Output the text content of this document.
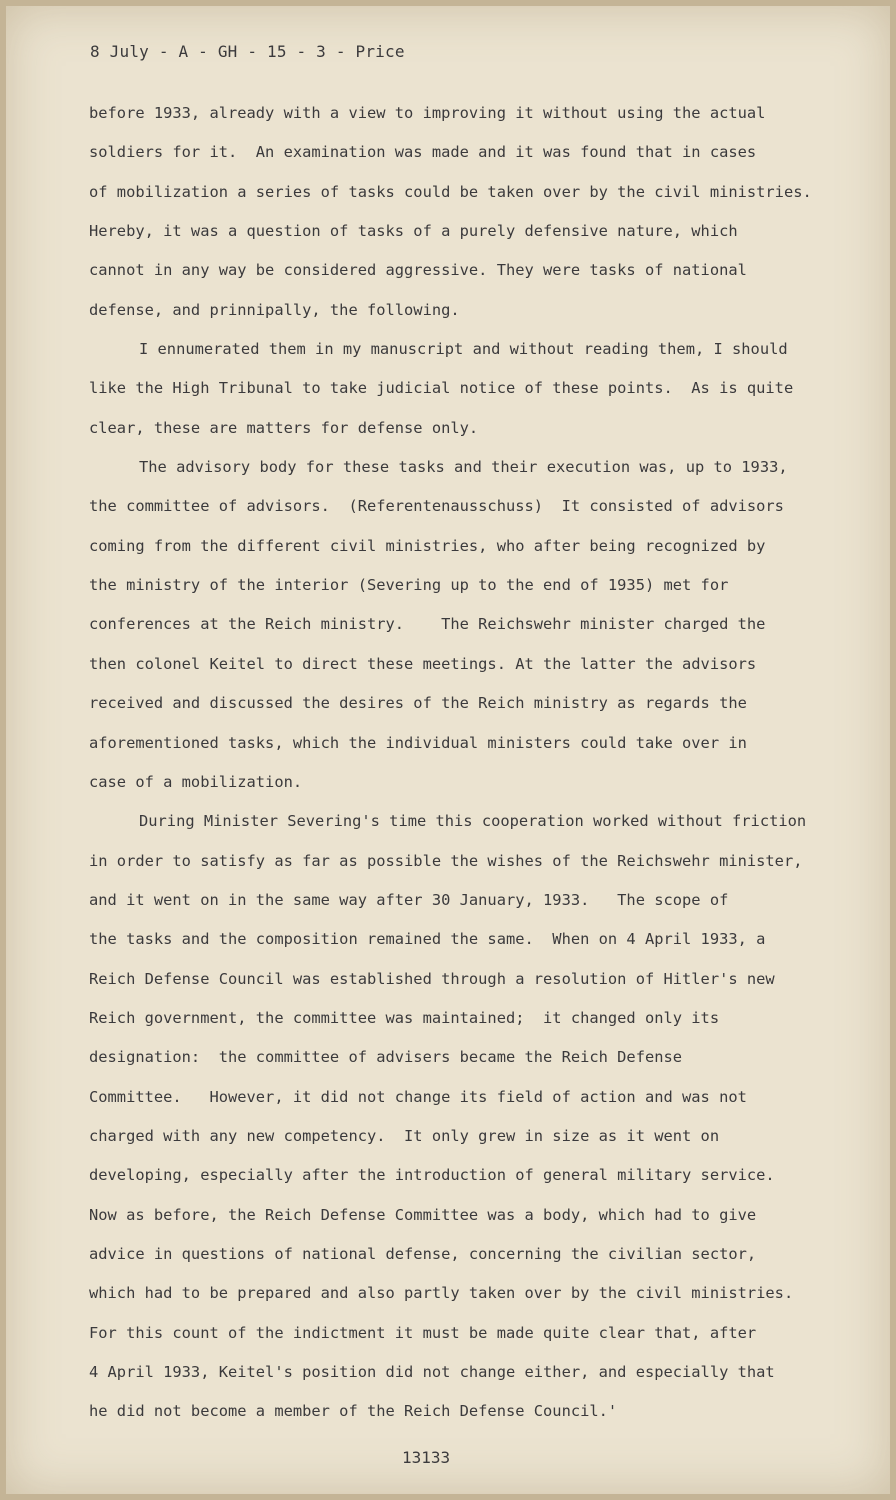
8 July - A - GH - 15 - 3 - Price
before 1933, already with a view to improving it without using the actual
soldiers for it.  An examination was made and it was found that in cases
of mobilization a series of tasks could be taken over by the civil ministries.
Hereby, it was a question of tasks of a purely defensive nature, which
cannot in any way be considered aggressive. They were tasks of national
defense, and prinnipally, the following.
I ennumerated them in my manuscript and without reading them, I should
like the High Tribunal to take judicial notice of these points.  As is quite
clear, these are matters for defense only.
The advisory body for these tasks and their execution was, up to 1933,
the committee of advisors.  (Referentenausschuss)  It consisted of advisors
coming from the different civil ministries, who after being recognized by
the ministry of the interior (Severing up to the end of 1935) met for
conferences at the Reich ministry.    The Reichswehr minister charged the
then colonel Keitel to direct these meetings. At the latter the advisors
received and discussed the desires of the Reich ministry as regards the
aforementioned tasks, which the individual ministers could take over in
case of a mobilization.
During Minister Severing's time this cooperation worked without friction
in order to satisfy as far as possible the wishes of the Reichswehr minister,
and it went on in the same way after 30 January, 1933.   The scope of
the tasks and the composition remained the same.  When on 4 April 1933, a
Reich Defense Council was established through a resolution of Hitler's new
Reich government, the committee was maintained;  it changed only its
designation:  the committee of advisers became the Reich Defense
Committee.   However, it did not change its field of action and was not
charged with any new competency.  It only grew in size as it went on
developing, especially after the introduction of general military service.
Now as before, the Reich Defense Committee was a body, which had to give
advice in questions of national defense, concerning the civilian sector,
which had to be prepared and also partly taken over by the civil ministries.
For this count of the indictment it must be made quite clear that, after
4 April 1933, Keitel's position did not change either, and especially that
he did not become a member of the Reich Defense Council.'
13133
